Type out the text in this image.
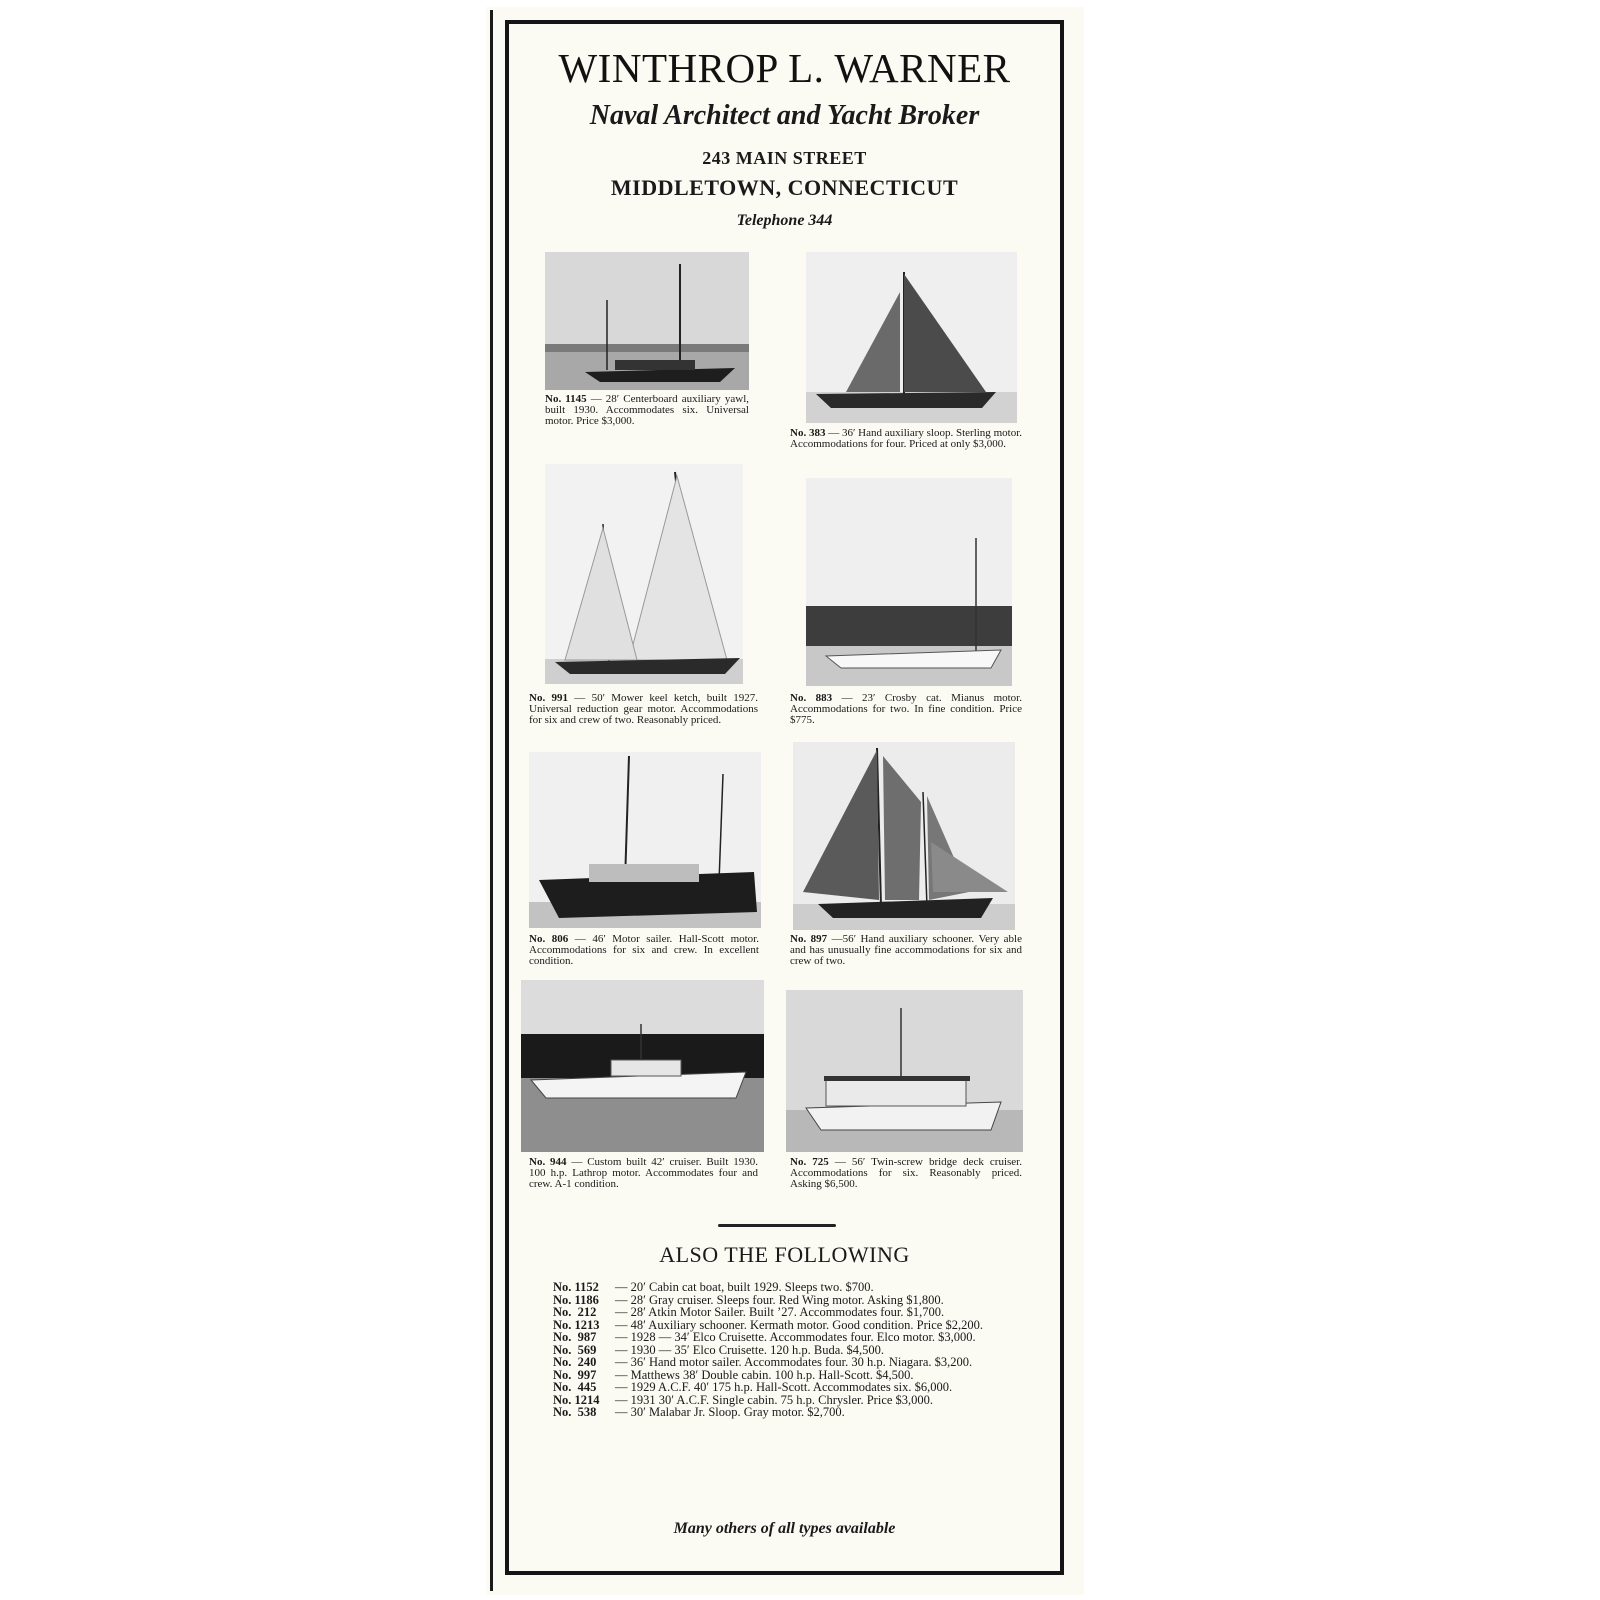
WINTHROP L. WARNER
Naval Architect and Yacht Broker
243 MAIN STREET
MIDDLETOWN, CONNECTICUT
Telephone 344
No. 1145 — 28′ Centerboard auxiliary yawl, built 1930. Accommodates six. Universal motor. Price $3,000.
No. 383 — 36′ Hand auxiliary sloop. Sterling motor. Accommodations for four. Priced at only $3,000.
No. 991 — 50′ Mower keel ketch, built 1927. Universal reduction gear motor. Accommodations for six and crew of two. Reasonably priced.
No. 883 — 23′ Crosby cat. Mianus motor. Accommodations for two. In fine condition. Price $775.
No. 806 — 46′ Motor sailer. Hall-Scott motor. Accommodations for six and crew. In excellent condition.
No. 897 —56′ Hand auxiliary schooner. Very able and has unusually fine accommodations for six and crew of two.
No. 944 — Custom built 42′ cruiser. Built 1930. 100 h.p. Lathrop motor. Accommodates four and crew. A-1 condition.
No. 725 — 56′ Twin-screw bridge deck cruiser. Accommodations for six. Reasonably priced. Asking $6,500.
ALSO THE FOLLOWING
No. 1152	— 20′ Cabin cat boat, built 1929. Sleeps two. $700.
No. 1186	— 28′ Gray cruiser. Sleeps four. Red Wing motor. Asking $1,800.
No.  212	— 28′ Atkin Motor Sailer. Built ’27. Accommodates four. $1,700.
No. 1213	— 48′ Auxiliary schooner. Kermath motor. Good condition. Price $2,200.
No.  987	— 1928 — 34′ Elco Cruisette. Accommodates four. Elco motor. $3,000.
No.  569	— 1930 — 35′ Elco Cruisette. 120 h.p. Buda. $4,500.
No.  240	— 36′ Hand motor sailer. Accommodates four. 30 h.p. Niagara. $3,200.
No.  997	— Matthews 38′ Double cabin. 100 h.p. Hall-Scott. $4,500.
No.  445	— 1929 A.C.F. 40′ 175 h.p. Hall-Scott. Accommodates six. $6,000.
No. 1214	— 1931 30′ A.C.F. Single cabin. 75 h.p. Chrysler. Price $3,000.
No.  538	— 30′ Malabar Jr. Sloop. Gray motor. $2,700.
Many others of all types available
